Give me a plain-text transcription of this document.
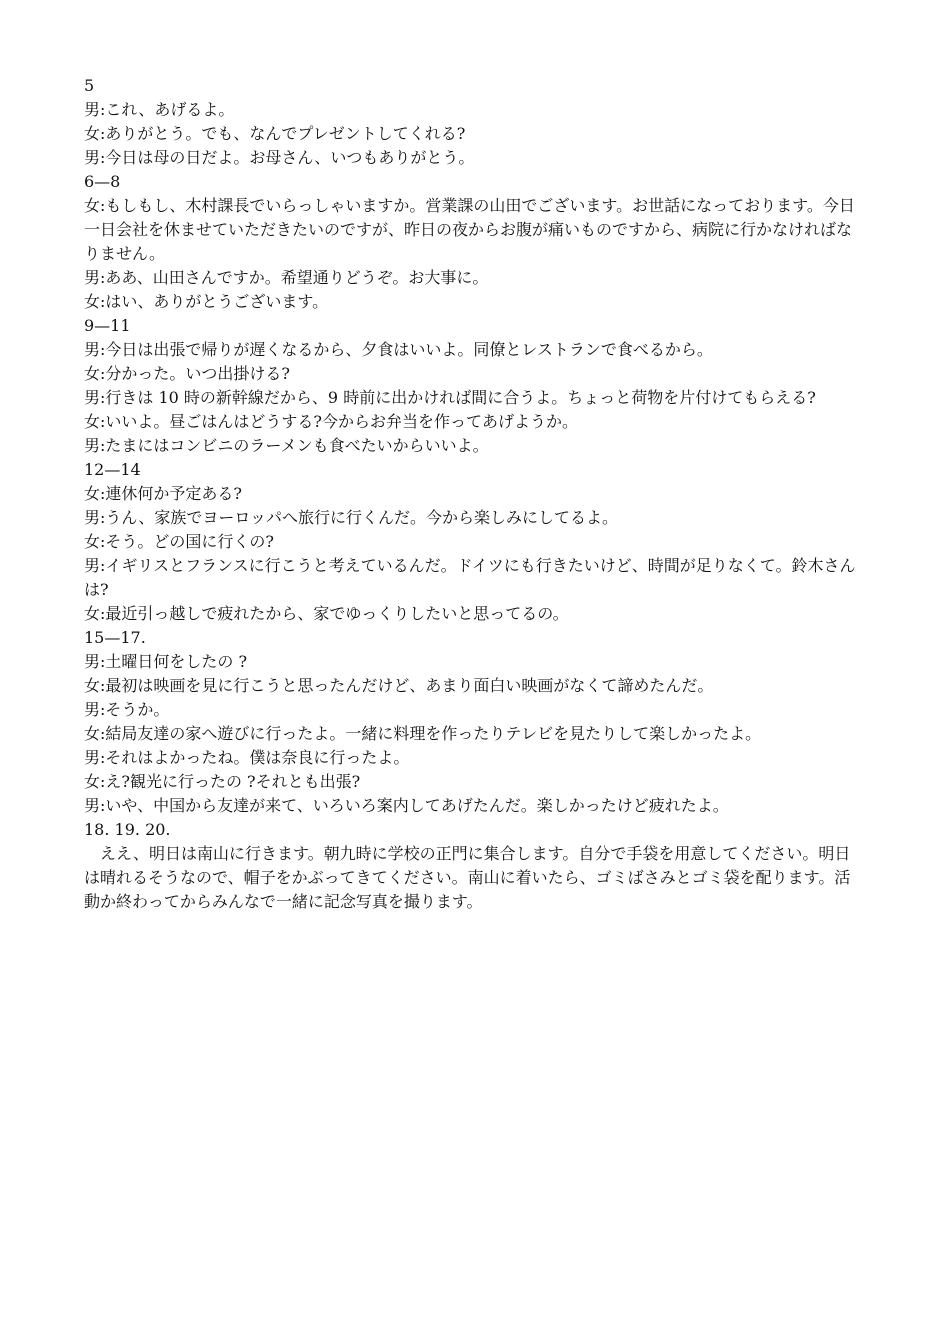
5
男:これ、あげるよ。
女:ありがとう。でも、なんでプレゼントしてくれる?
男:今日は母の日だよ。お母さん、いつもありがとう。
6—8
女:もしもし、木村課長でいらっしゃいますか。営業課の山田でございます。お世話になっております。今日一日会社を休ませていただきたいのですが、昨日の夜からお腹が痛いものですから、病院に行かなければなりません。
男:ああ、山田さんですか。希望通りどうぞ。お大事に。
女:はい、ありがとうございます。
9—11
男:今日は出張で帰りが遅くなるから、夕食はいいよ。同僚とレストランで食べるから。
女:分かった。いつ出掛ける?
男:行きは 10 時の新幹線だから、9 時前に出かければ間に合うよ。ちょっと荷物を片付けてもらえる?
女:いいよ。昼ごはんはどうする?今からお弁当を作ってあげようか。
男:たまにはコンビニのラーメンも食べたいからいいよ。
12—14
女:連休何か予定ある?
男:うん、家族でヨーロッパへ旅行に行くんだ。今から楽しみにしてるよ。
女:そう。どの国に行くの?
男:イギリスとフランスに行こうと考えているんだ。ドイツにも行きたいけど、時間が足りなくて。鈴木さんは?
女:最近引っ越しで疲れたから、家でゆっくりしたいと思ってるの。
15—17.
男:土曜日何をしたの ?
女:最初は映画を見に行こうと思ったんだけど、あまり面白い映画がなくて諦めたんだ。
男:そうか。
女:結局友達の家へ遊びに行ったよ。一緒に料理を作ったりテレビを見たりして楽しかったよ。
男:それはよかったね。僕は奈良に行ったよ。
女:え?観光に行ったの ?それとも出張?
男:いや、中国から友達が来て、いろいろ案内してあげたんだ。楽しかったけど疲れたよ。
18. 19. 20.
ええ、明日は南山に行きます。朝九時に学校の正門に集合します。自分で手袋を用意してください。明日は晴れるそうなので、帽子をかぶってきてください。南山に着いたら、ゴミばさみとゴミ袋を配ります。活動か終わってからみんなで一緒に記念写真を撮ります。
